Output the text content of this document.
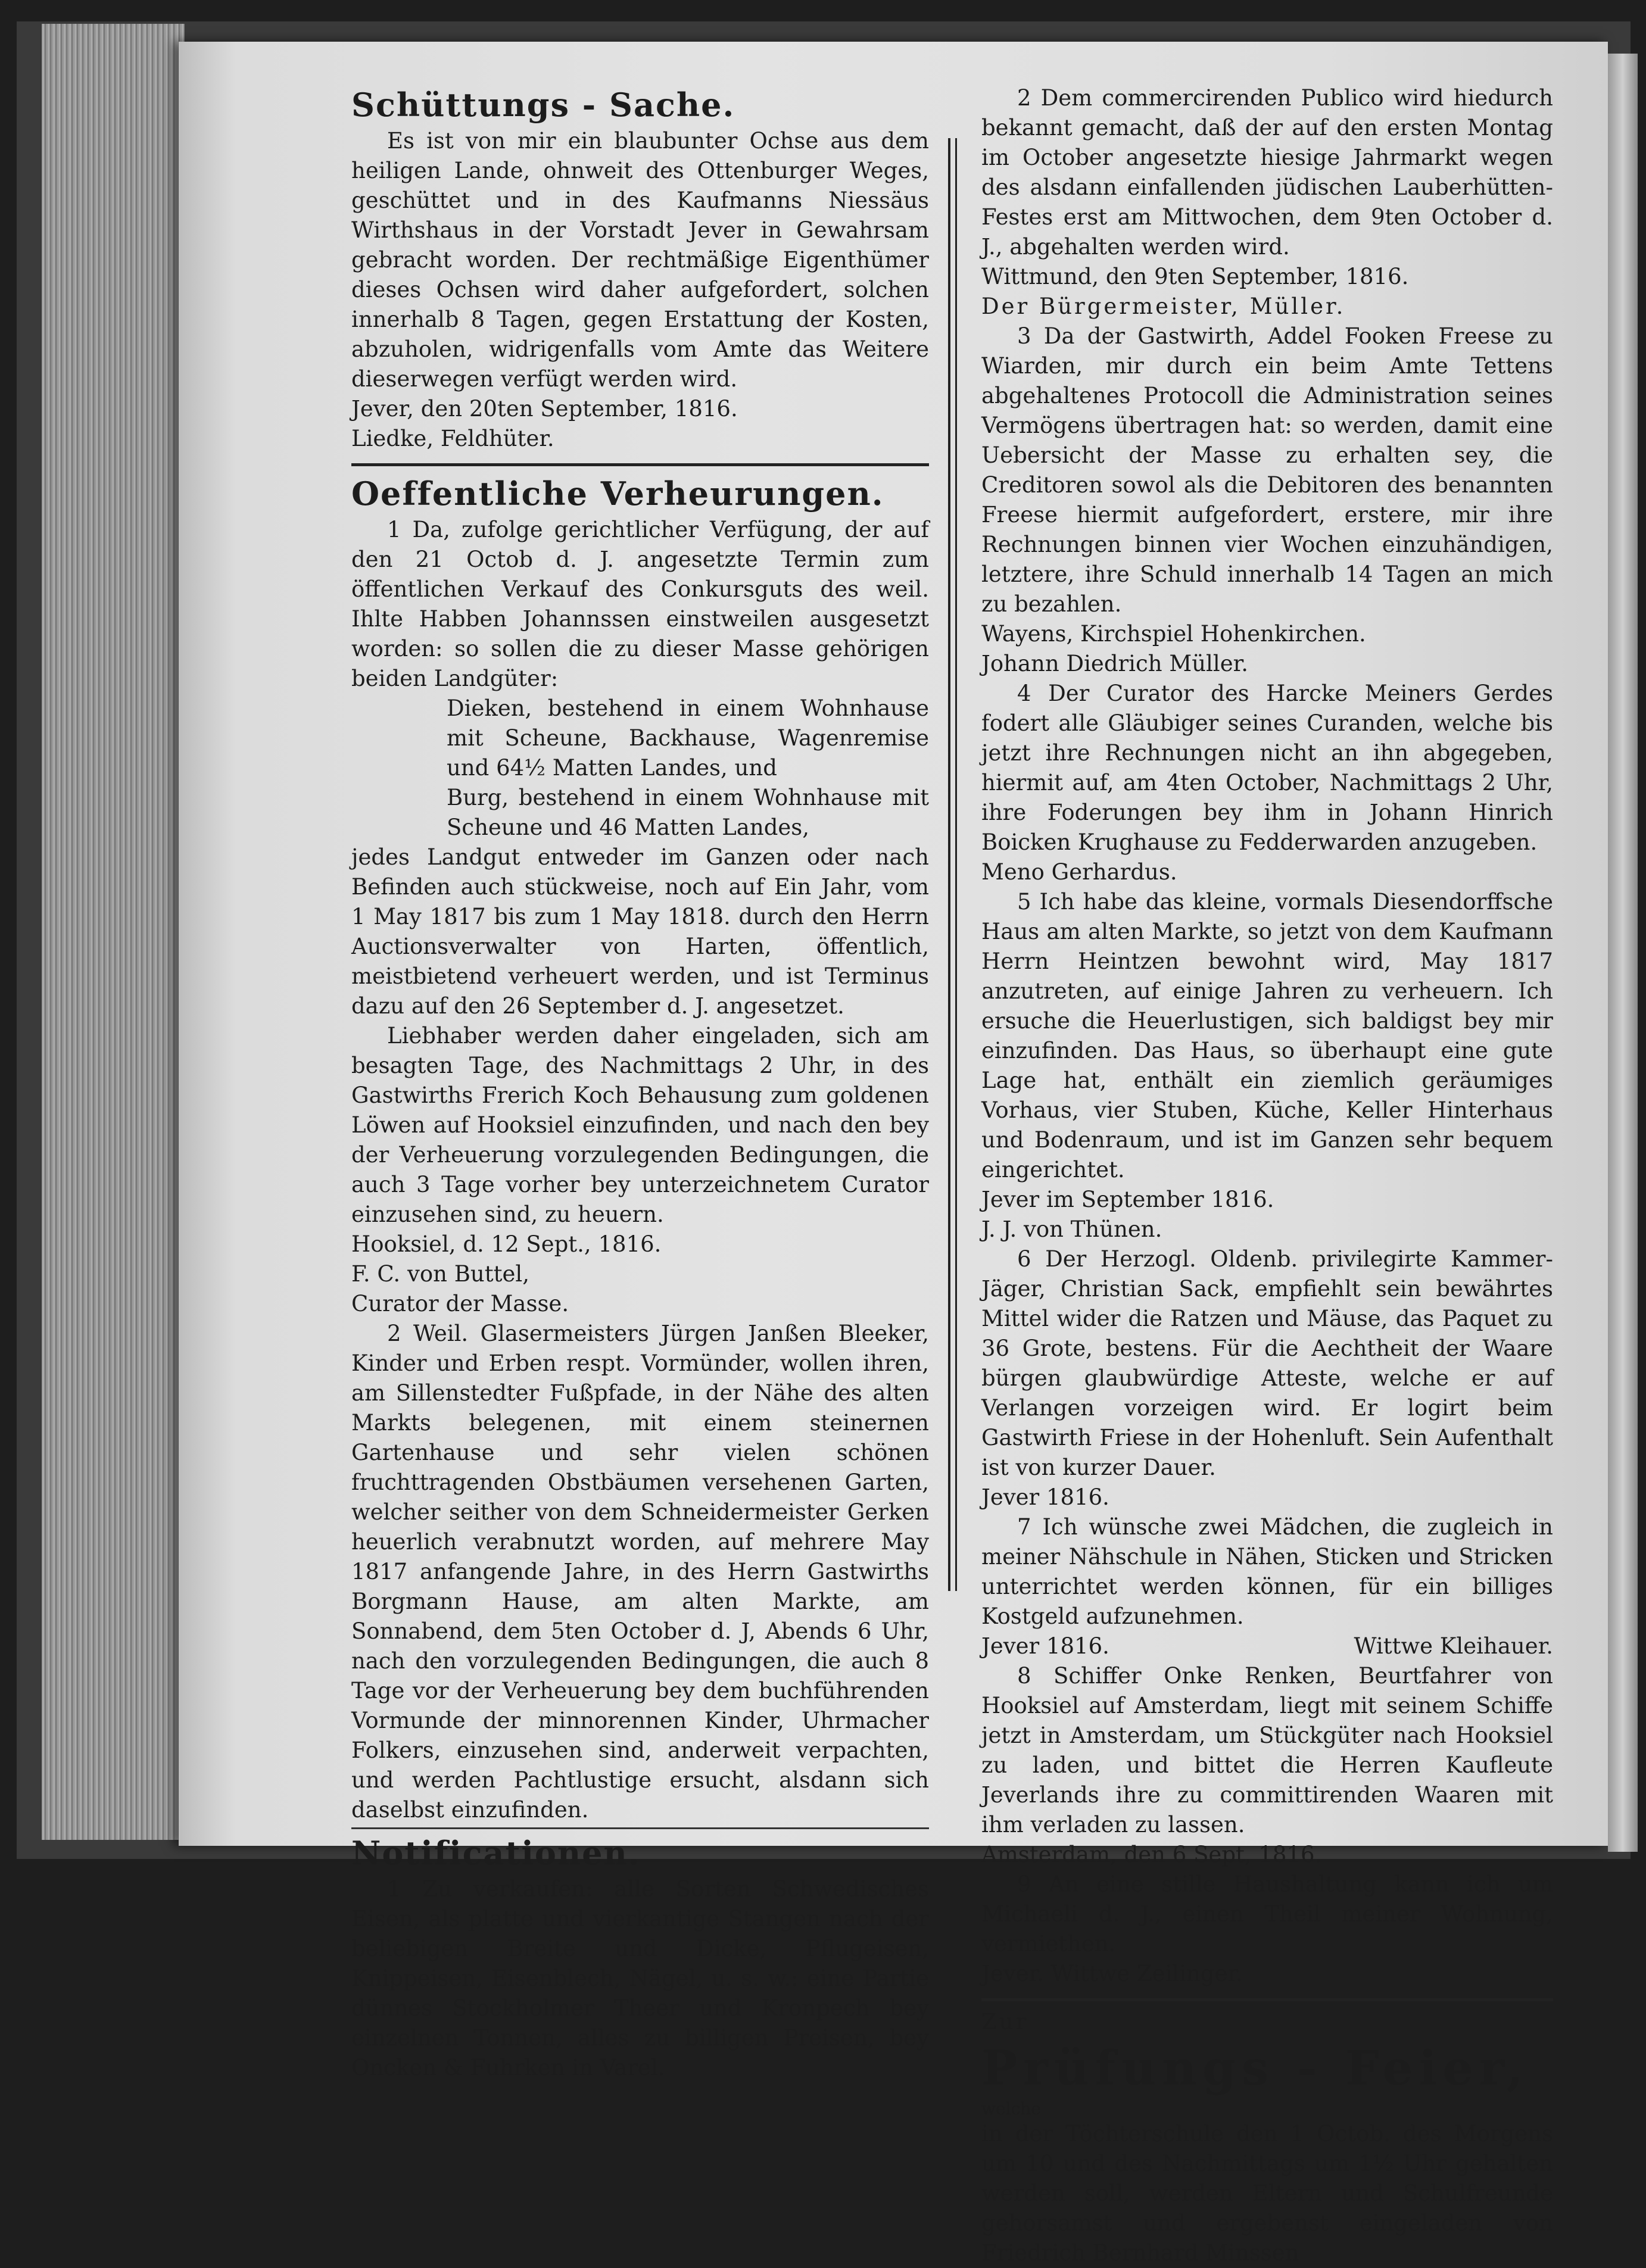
Schüttungs - Sache.

Es ist von mir ein blaubunter Ochse aus dem heiligen Lande, ohnweit des Ottenburger Weges, geschüttet und in des Kaufmanns Niessäus Wirthshaus in der Vorstadt Jever in Gewahrsam gebracht worden. Der rechtmäßige Eigenthümer dieses Ochsen wird daher aufgefordert, solchen innerhalb 8 Tagen, gegen Erstattung der Kosten, abzuholen, widrigenfalls vom Amte das Weitere dieserwegen verfügt werden wird.

Jever, den 20ten September, 1816.

Liedke, Feldhüter.

Oeffentliche Verheurungen.

1 Da, zufolge gerichtlicher Verfügung, der auf den 21 Octob d. J. angesetzte Termin zum öffentlichen Verkauf des Conkursguts des weil. Ihlte Habben Johannssen einstweilen ausgesetzt worden: so sollen die zu dieser Masse gehörigen beiden Landgüter:

Dieken, bestehend in einem Wohnhause mit Scheune, Backhause, Wagenremise und 64½ Matten Landes, und

Burg, bestehend in einem Wohnhause mit Scheune und 46 Matten Landes,

jedes Landgut entweder im Ganzen oder nach Befinden auch stückweise, noch auf Ein Jahr, vom 1 May 1817 bis zum 1 May 1818. durch den Herrn Auctionsverwalter von Harten, öffentlich, meistbietend verheuert werden, und ist Terminus dazu auf den 26 September d. J. angesetzet.

Liebhaber werden daher eingeladen, sich am besagten Tage, des Nachmittags 2 Uhr, in des Gastwirths Frerich Koch Behausung zum goldenen Löwen auf Hooksiel einzufinden, und nach den bey der Verheuerung vorzulegenden Bedingungen, die auch 3 Tage vorher bey unterzeichnetem Curator einzusehen sind, zu heuern.

Hooksiel, d. 12 Sept., 1816.

F. C. von Buttel,

Curator der Masse.

2 Weil. Glasermeisters Jürgen Janßen Bleeker, Kinder und Erben respt. Vormünder, wollen ihren, am Sillenstedter Fußpfade, in der Nähe des alten Markts belegenen, mit einem steinernen Gartenhause und sehr vielen schönen fruchttragenden Obstbäumen versehenen Garten, welcher seither von dem Schneidermeister Gerken heuerlich verabnutzt worden, auf mehrere May 1817 anfangende Jahre, in des Herrn Gastwirths Borgmann Hause, am alten Markte, am Sonnabend, dem 5ten October d. J, Abends 6 Uhr, nach den vorzulegenden Bedingungen, die auch 8 Tage vor der Verheuerung bey dem buchführenden Vormunde der minnorennen Kinder, Uhrmacher Folkers, einzusehen sind, anderweit verpachten, und werden Pachtlustige ersucht, alsdann sich daselbst einzufinden.

Notificationen.

1 Zu verkaufen: alle Sorten Schwedisches Eisen, als platte und vierkantige Stangen nach der beliebigen Breite und Dicke, Pflugeisen, Knippeisen, Eisenblech, Nägel, u. s. w.: eine Partie dünnes Stockholmer Theer und Kronpech bey einzelnen Tonnen, alles zu billigen Preisen, bey Oncken & Fuhrken in Varel.

2 Dem commercirenden Publico wird hiedurch bekannt gemacht, daß der auf den ersten Montag im October angesetzte hiesige Jahrmarkt wegen des alsdann einfallenden jüdischen Lauberhütten-Festes erst am Mittwochen, dem 9ten October d. J., abgehalten werden wird.

Wittmund, den 9ten September, 1816.

Der Bürgermeister, Müller.

3 Da der Gastwirth, Addel Fooken Freese zu Wiarden, mir durch ein beim Amte Tettens abgehaltenes Protocoll die Administration seines Vermögens übertragen hat: so werden, damit eine Uebersicht der Masse zu erhalten sey, die Creditoren sowol als die Debitoren des benannten Freese hiermit aufgefordert, erstere, mir ihre Rechnungen binnen vier Wochen einzuhändigen, letztere, ihre Schuld innerhalb 14 Tagen an mich zu bezahlen.

Wayens, Kirchspiel Hohenkirchen.

Johann Diedrich Müller.

4 Der Curator des Harcke Meiners Gerdes fodert alle Gläubiger seines Curanden, welche bis jetzt ihre Rechnungen nicht an ihn abgegeben, hiermit auf, am 4ten October, Nachmittags 2 Uhr, ihre Foderungen bey ihm in Johann Hinrich Boicken Krughause zu Fedderwarden anzugeben.

Meno Gerhardus.

5 Ich habe das kleine, vormals Diesendorffsche Haus am alten Markte, so jetzt von dem Kaufmann Herrn Heintzen bewohnt wird, May 1817 anzutreten, auf einige Jahren zu verheuern. Ich ersuche die Heuerlustigen, sich baldigst bey mir einzufinden. Das Haus, so überhaupt eine gute Lage hat, enthält ein ziemlich geräumiges Vorhaus, vier Stuben, Küche, Keller Hinterhaus und Bodenraum, und ist im Ganzen sehr bequem eingerichtet.

Jever im September 1816.

J. J. von Thünen.

6 Der Herzogl. Oldenb. privilegirte Kammer-Jäger, Christian Sack, empfiehlt sein bewährtes Mittel wider die Ratzen und Mäuse, das Paquet zu 36 Grote, bestens. Für die Aechtheit der Waare bürgen glaubwürdige Atteste, welche er auf Verlangen vorzeigen wird. Er logirt beim Gastwirth Friese in der Hohenluft. Sein Aufenthalt ist von kurzer Dauer.

Jever 1816.

7 Ich wünsche zwei Mädchen, die zugleich in meiner Nähschule in Nähen, Sticken und Stricken unterrichtet werden können, für ein billiges Kostgeld aufzunehmen.

Jever 1816.	Wittwe Kleihauer.

8 Schiffer Onke Renken, Beurtfahrer von Hooksiel auf Amsterdam, liegt mit seinem Schiffe jetzt in Amsterdam, um Stückgüter nach Hooksiel zu laden, und bittet die Herren Kaufleute Jeverlands ihre zu committirenden Waaren mit ihm verladen zu lassen.

Amsterdam, den 6 Sept, 1816.

9 An eine stille Haushaltung kann ich um Michaeli d. J., einen Theil meiner Wohnung, vermiethen.

Jever. Wittwe Zeilinger.

Zur

Prüfungs - Feier,

welche

in der Töchterschule den 1 Octob. des Morgens um 10 und des Nachmittags um 1½ Uhr gehalten werden soll, werden Eltern und Schulfreunde gehorsamst und ergebenst eingeladen von Friedrich Bernhard Minssen
